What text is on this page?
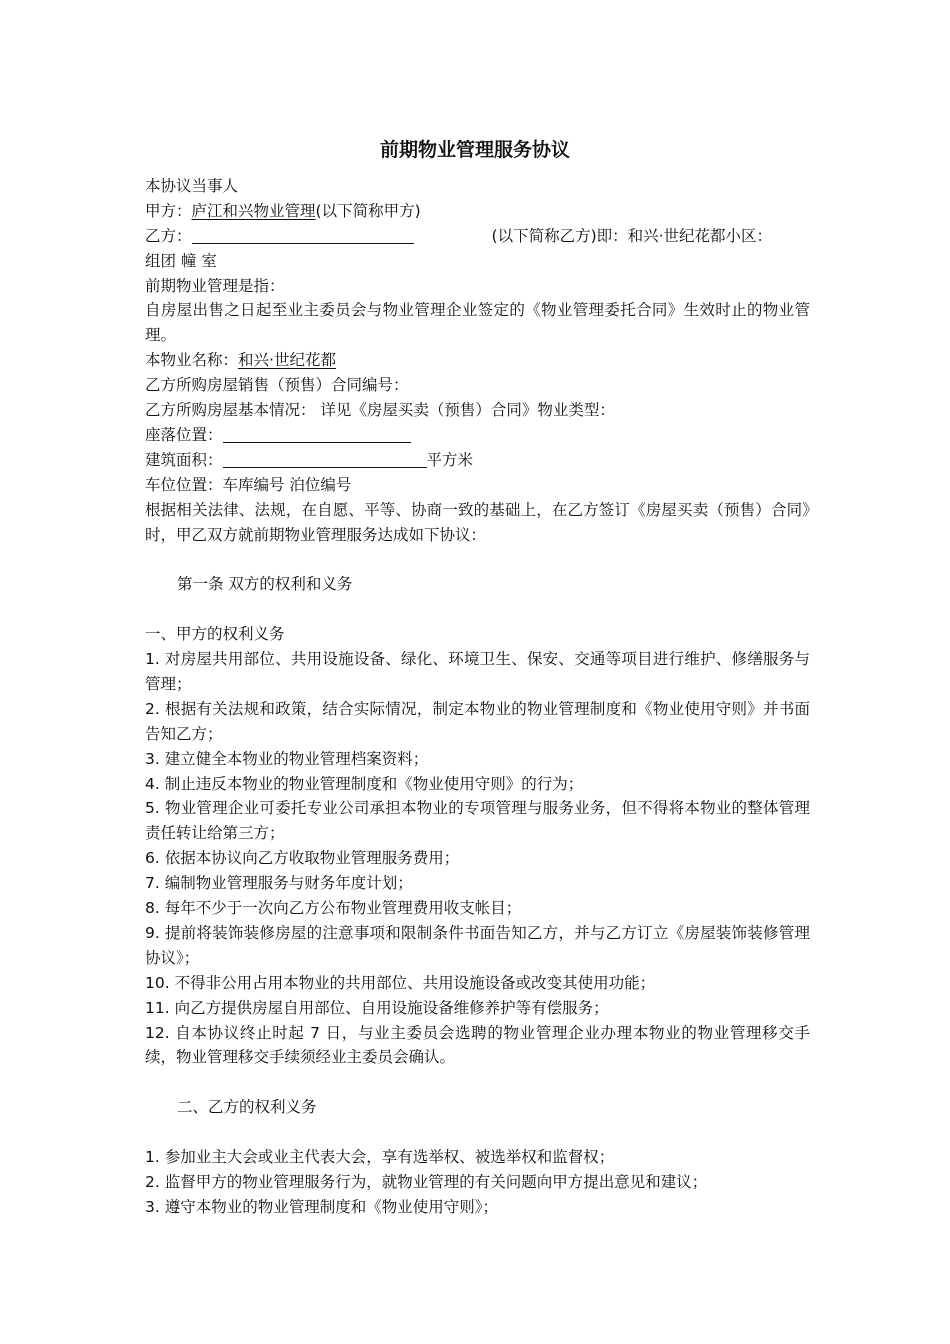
前期物业管理服务协议
本协议当事人
甲方：庐江和兴物业管理(以下简称甲方)
乙方：	(以下简称乙方)即：和兴·世纪花都小区：
组团 幢 室
前期物业管理是指：
自房屋出售之日起至业主委员会与物业管理企业签定的《物业管理委托合同》生效时止的物业管理。
本物业名称：和兴·世纪花都
乙方所购房屋销售（预售）合同编号：
乙方所购房屋基本情况： 详见《房屋买卖（预售）合同》物业类型：
座落位置：
建筑面积：	平方米
车位位置：车库编号 泊位编号
根据相关法律、法规，在自愿、平等、协商一致的基础上，在乙方签订《房屋买卖（预售）合同》时，甲乙双方就前期物业管理服务达成如下协议：
第一条 双方的权利和义务
一、甲方的权利义务
1. 对房屋共用部位、共用设施设备、绿化、环境卫生、保安、交通等项目进行维护、修缮服务与管理；
2. 根据有关法规和政策，结合实际情况，制定本物业的物业管理制度和《物业使用守则》并书面告知乙方；
3. 建立健全本物业的物业管理档案资料；
4. 制止违反本物业的物业管理制度和《物业使用守则》的行为；
5. 物业管理企业可委托专业公司承担本物业的专项管理与服务业务，但不得将本物业的整体管理责任转让给第三方；
6. 依据本协议向乙方收取物业管理服务费用；
7. 编制物业管理服务与财务年度计划；
8. 每年不少于一次向乙方公布物业管理费用收支帐目；
9. 提前将装饰装修房屋的注意事项和限制条件书面告知乙方，并与乙方订立《房屋装饰装修管理协议》；
10. 不得非公用占用本物业的共用部位、共用设施设备或改变其使用功能；
11. 向乙方提供房屋自用部位、自用设施设备维修养护等有偿服务；
12. 自本协议终止时起 7 日，与业主委员会选聘的物业管理企业办理本物业的物业管理移交手续，物业管理移交手续须经业主委员会确认。
二、乙方的权利义务
1. 参加业主大会或业主代表大会，享有选举权、被选举权和监督权；
2. 监督甲方的物业管理服务行为，就物业管理的有关问题向甲方提出意见和建议；
3. 遵守本物业的物业管理制度和《物业使用守则》；
